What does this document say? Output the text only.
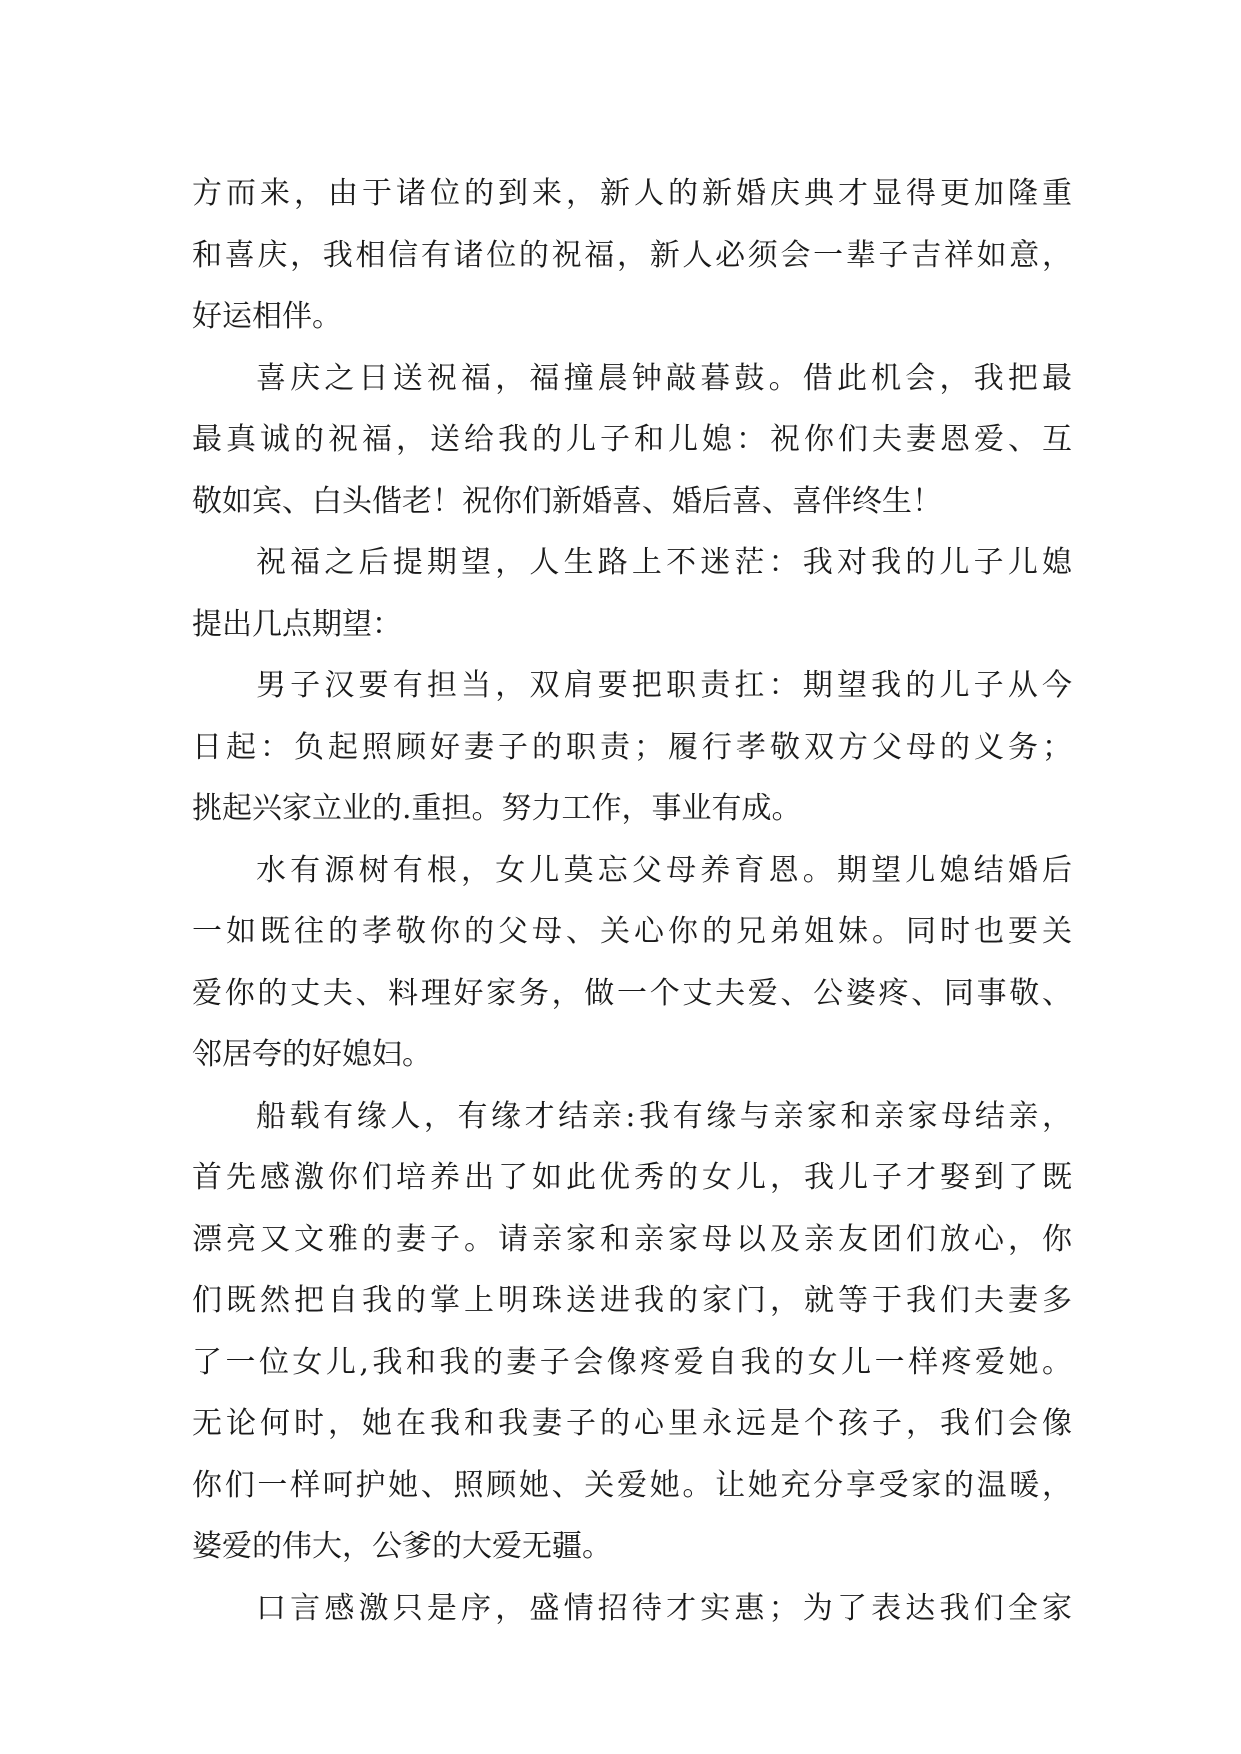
方而来，由于诸位的到来，新人的新婚庆典才显得更加隆重
和喜庆，我相信有诸位的祝福，新人必须会一辈子吉祥如意，
好运相伴。
喜庆之日送祝福，福撞晨钟敲暮鼓。借此机会，我把最
最真诚的祝福，送给我的儿子和儿媳：祝你们夫妻恩爱、互
敬如宾、白头偕老！祝你们新婚喜、婚后喜、喜伴终生！
祝福之后提期望，人生路上不迷茫：我对我的儿子儿媳
提出几点期望：
男子汉要有担当，双肩要把职责扛：期望我的儿子从今
日起：负起照顾好妻子的职责；履行孝敬双方父母的义务；
挑起兴家立业的.重担。努力工作，事业有成。
水有源树有根，女儿莫忘父母养育恩。期望儿媳结婚后
一如既往的孝敬你的父母、关心你的兄弟姐妹。同时也要关
爱你的丈夫、料理好家务，做一个丈夫爱、公婆疼、同事敬、
邻居夸的好媳妇。
船载有缘人，有缘才结亲:我有缘与亲家和亲家母结亲，
首先感激你们培养出了如此优秀的女儿，我儿子才娶到了既
漂亮又文雅的妻子。请亲家和亲家母以及亲友团们放心，你
们既然把自我的掌上明珠送进我的家门，就等于我们夫妻多
了一位女儿,我和我的妻子会像疼爱自我的女儿一样疼爱她。
无论何时，她在我和我妻子的心里永远是个孩子，我们会像
你们一样呵护她、照顾她、关爱她。让她充分享受家的温暖，
婆爱的伟大，公爹的大爱无疆。
口言感激只是序，盛情招待才实惠；为了表达我们全家
